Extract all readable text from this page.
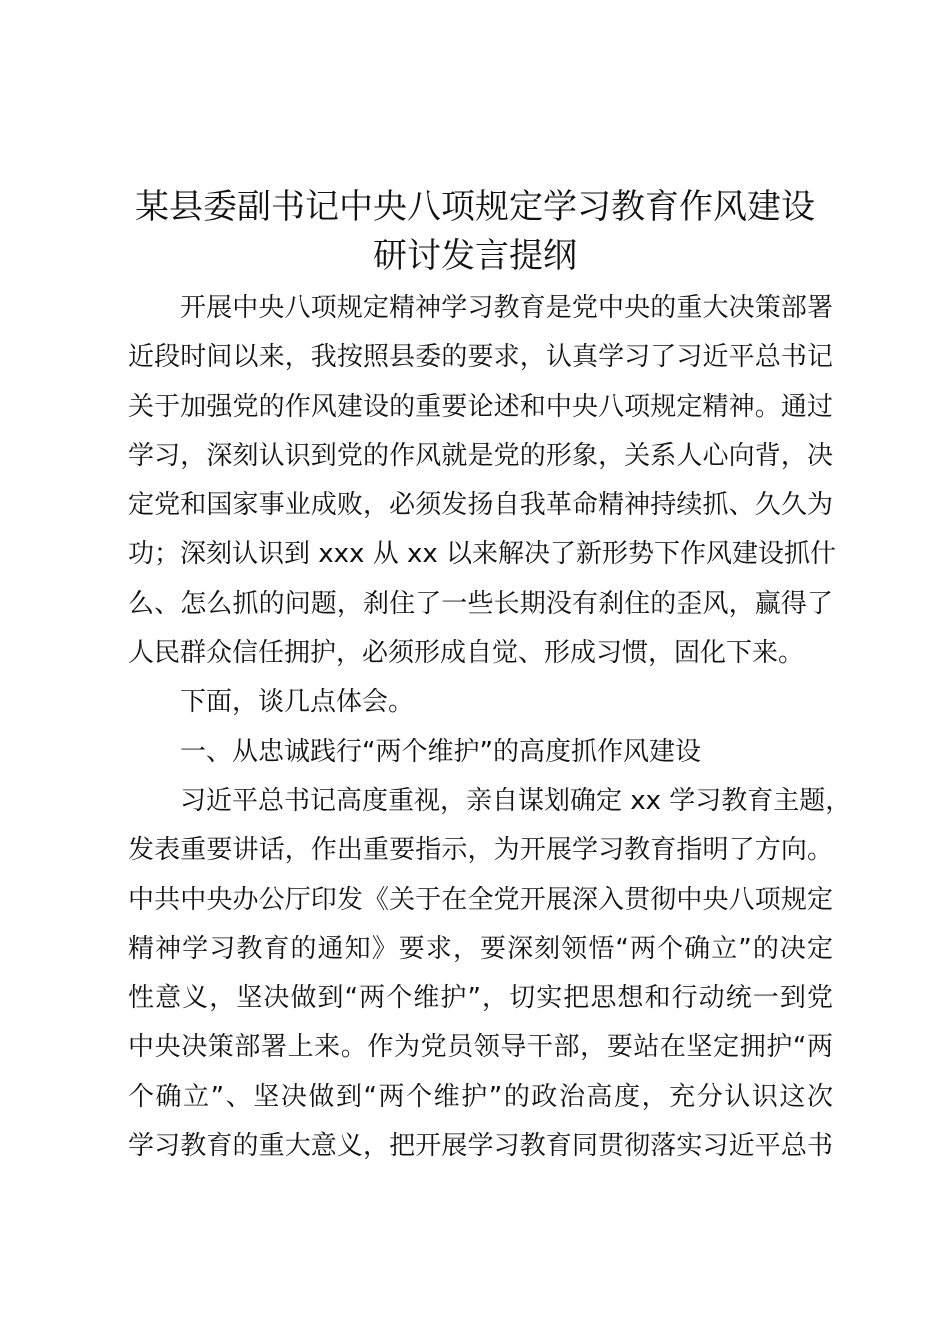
某县委副书记中央八项规定学习教育作风建设
研讨发言提纲
开展中央八项规定精神学习教育是党中央的重大决策部署
近段时间以来，我按照县委的要求，认真学习了习近平总书记
关于加强党的作风建设的重要论述和中央八项规定精神。通过
学习，深刻认识到党的作风就是党的形象，关系人心向背，决
定党和国家事业成败，必须发扬自我革命精神持续抓、久久为
功；深刻认识到 xxx 从 xx 以来解决了新形势下作风建设抓什
么、怎么抓的问题，刹住了一些长期没有刹住的歪风，赢得了
人民群众信任拥护，必须形成自觉、形成习惯，固化下来。
下面，谈几点体会。
一、从忠诚践行“两个维护”的高度抓作风建设
习近平总书记高度重视，亲自谋划确定 xx 学习教育主题，
发表重要讲话，作出重要指示，为开展学习教育指明了方向。
中共中央办公厅印发《关于在全党开展深入贯彻中央八项规定
精神学习教育的通知》要求，要深刻领悟“两个确立”的决定
性意义，坚决做到“两个维护”，切实把思想和行动统一到党
中央决策部署上来。作为党员领导干部，要站在坚定拥护“两
个确立”、坚决做到“两个维护”的政治高度，充分认识这次
学习教育的重大意义，把开展学习教育同贯彻落实习近平总书
